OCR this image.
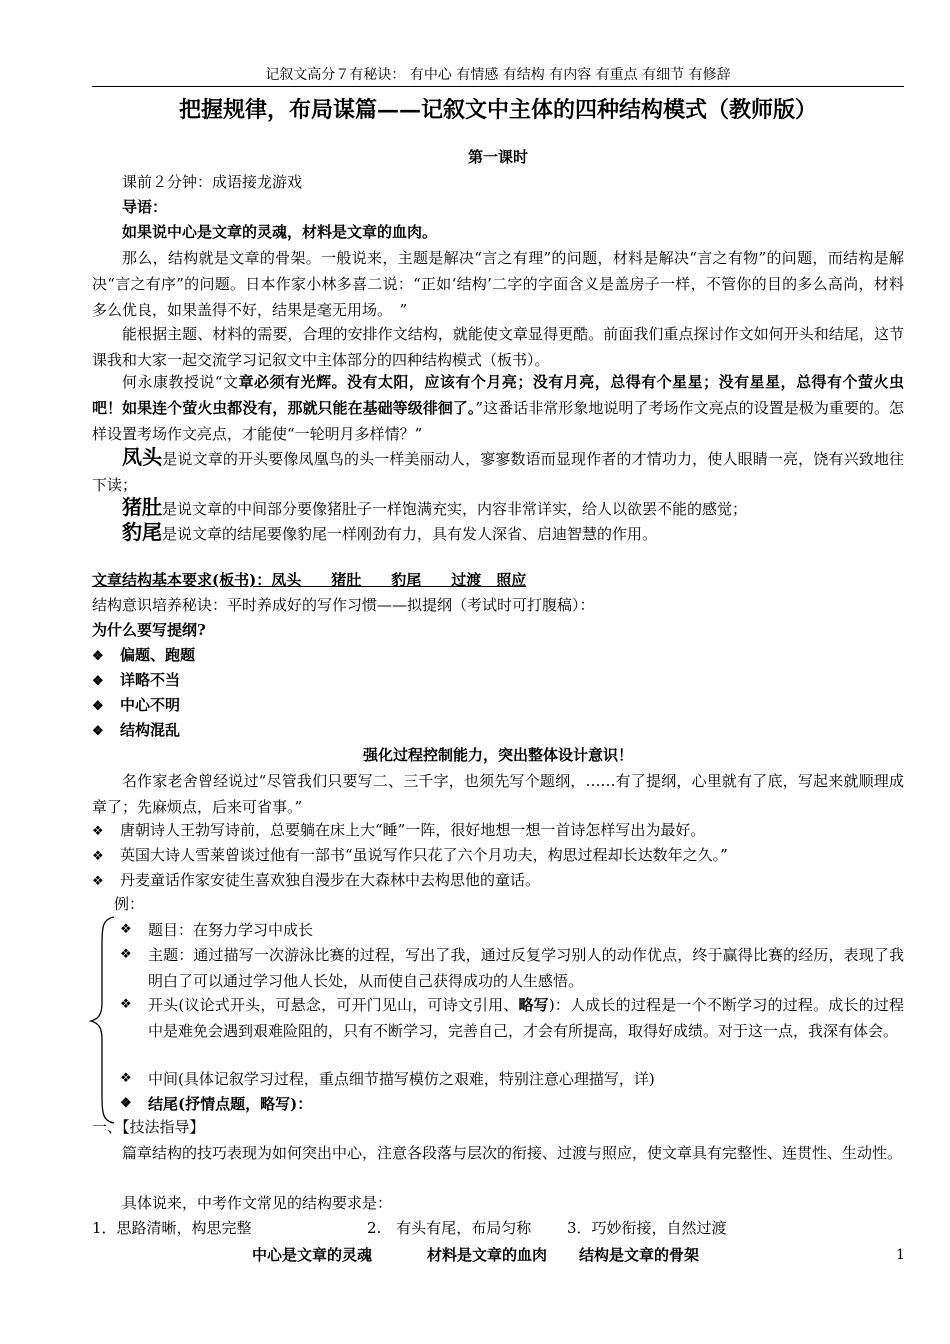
记叙文高分７有秘诀： 有中心 有情感 有结构 有内容 有重点 有细节 有修辞
把握规律，布局谋篇——记叙文中主体的四种结构模式（教师版）
第一课时
课前２分钟：成语接龙游戏
导语：
如果说中心是文章的灵魂，材料是文章的血肉。
那么，结构就是文章的骨架。一般说来，主题是解决“言之有理”的问题，材料是解决“言之有物”的问题，而结构是解决“言之有序”的问题。日本作家小林多喜二说：“正如‘结构’二字的字面含义是盖房子一样，不管你的目的多么高尚，材料多么优良，如果盖得不好，结果是毫无用场。　”
能根据主题、材料的需要，合理的安排作文结构，就能使文章显得更酷。前面我们重点探讨作文如何开头和结尾，这节课我和大家一起交流学习记叙文中主体部分的四种结构模式（板书）。
何永康教授说“文章必须有光辉。没有太阳，应该有个月亮；没有月亮，总得有个星星；没有星星，总得有个萤火虫吧！如果连个萤火虫都没有，那就只能在基础等级徘徊了。”这番话非常形象地说明了考场作文亮点的设置是极为重要的。怎样设置考场作文亮点，才能使“一轮明月多样情？”
凤头是说文章的开头要像凤凰鸟的头一样美丽动人，寥寥数语而显现作者的才情功力，使人眼睛一亮，饶有兴致地往下读；
猪肚是说文章的中间部分要像猪肚子一样饱满充实，内容非常详实，给人以欲罢不能的感觉；
豹尾是说文章的结尾要像豹尾一样刚劲有力，具有发人深省、启迪智慧的作用。
文章结构基本要求(板书)：凤头　　猪肚　　豹尾　　过渡　照应
结构意识培养秘诀：平时养成好的写作习惯——拟提纲（考试时可打腹稿）：
为什么要写提纲?
❖ 偏题、跑题
❖ 详略不当
❖ 中心不明
❖ 结构混乱
强化过程控制能力，突出整体设计意识！
名作家老舍曾经说过“尽管我们只要写二、三千字，也须先写个题纲，……有了提纲，心里就有了底，写起来就顺理成章了；先麻烦点，后来可省事。”
❖ 唐朝诗人王勃写诗前，总要躺在床上大“睡”一阵，很好地想一想一首诗怎样写出为最好。
❖ 英国大诗人雪莱曾谈过他有一部书“虽说写作只花了六个月功夫，构思过程却长达数年之久。”
❖ 丹麦童话作家安徒生喜欢独自漫步在大森林中去构思他的童话。
例：
❖	题目：在努力学习中成长
❖	主题：通过描写一次游泳比赛的过程，写出了我，通过反复学习别人的动作优点，终于赢得比赛的经历，表现了我明白了可以通过学习他人长处，从而使自己获得成功的人生感悟。
❖	开头(议论式开头，可悬念，可开门见山，可诗文引用、略写)：人成长的过程是一个不断学习的过程。成长的过程中是难免会遇到艰难险阻的，只有不断学习，完善自己，才会有所提高，取得好成绩。对于这一点，我深有体会。
❖	中间(具体记叙学习过程，重点细节描写模仿之艰难，特别注意心理描写，详)
❖	结尾(抒情点题，略写)：
一、【技法指导】
篇章结构的技巧表现为如何突出中心，注意各段落与层次的衔接、过渡与照应，使文章具有完整性、连贯性、生动性。
具体说来，中考作文常见的结构要求是：
1．思路清晰，构思完整	2.　有头有尾，布局匀称 3．巧妙衔接，自然过渡
中心是文章的灵魂	材料是文章的血肉 结构是文章的骨架	1
